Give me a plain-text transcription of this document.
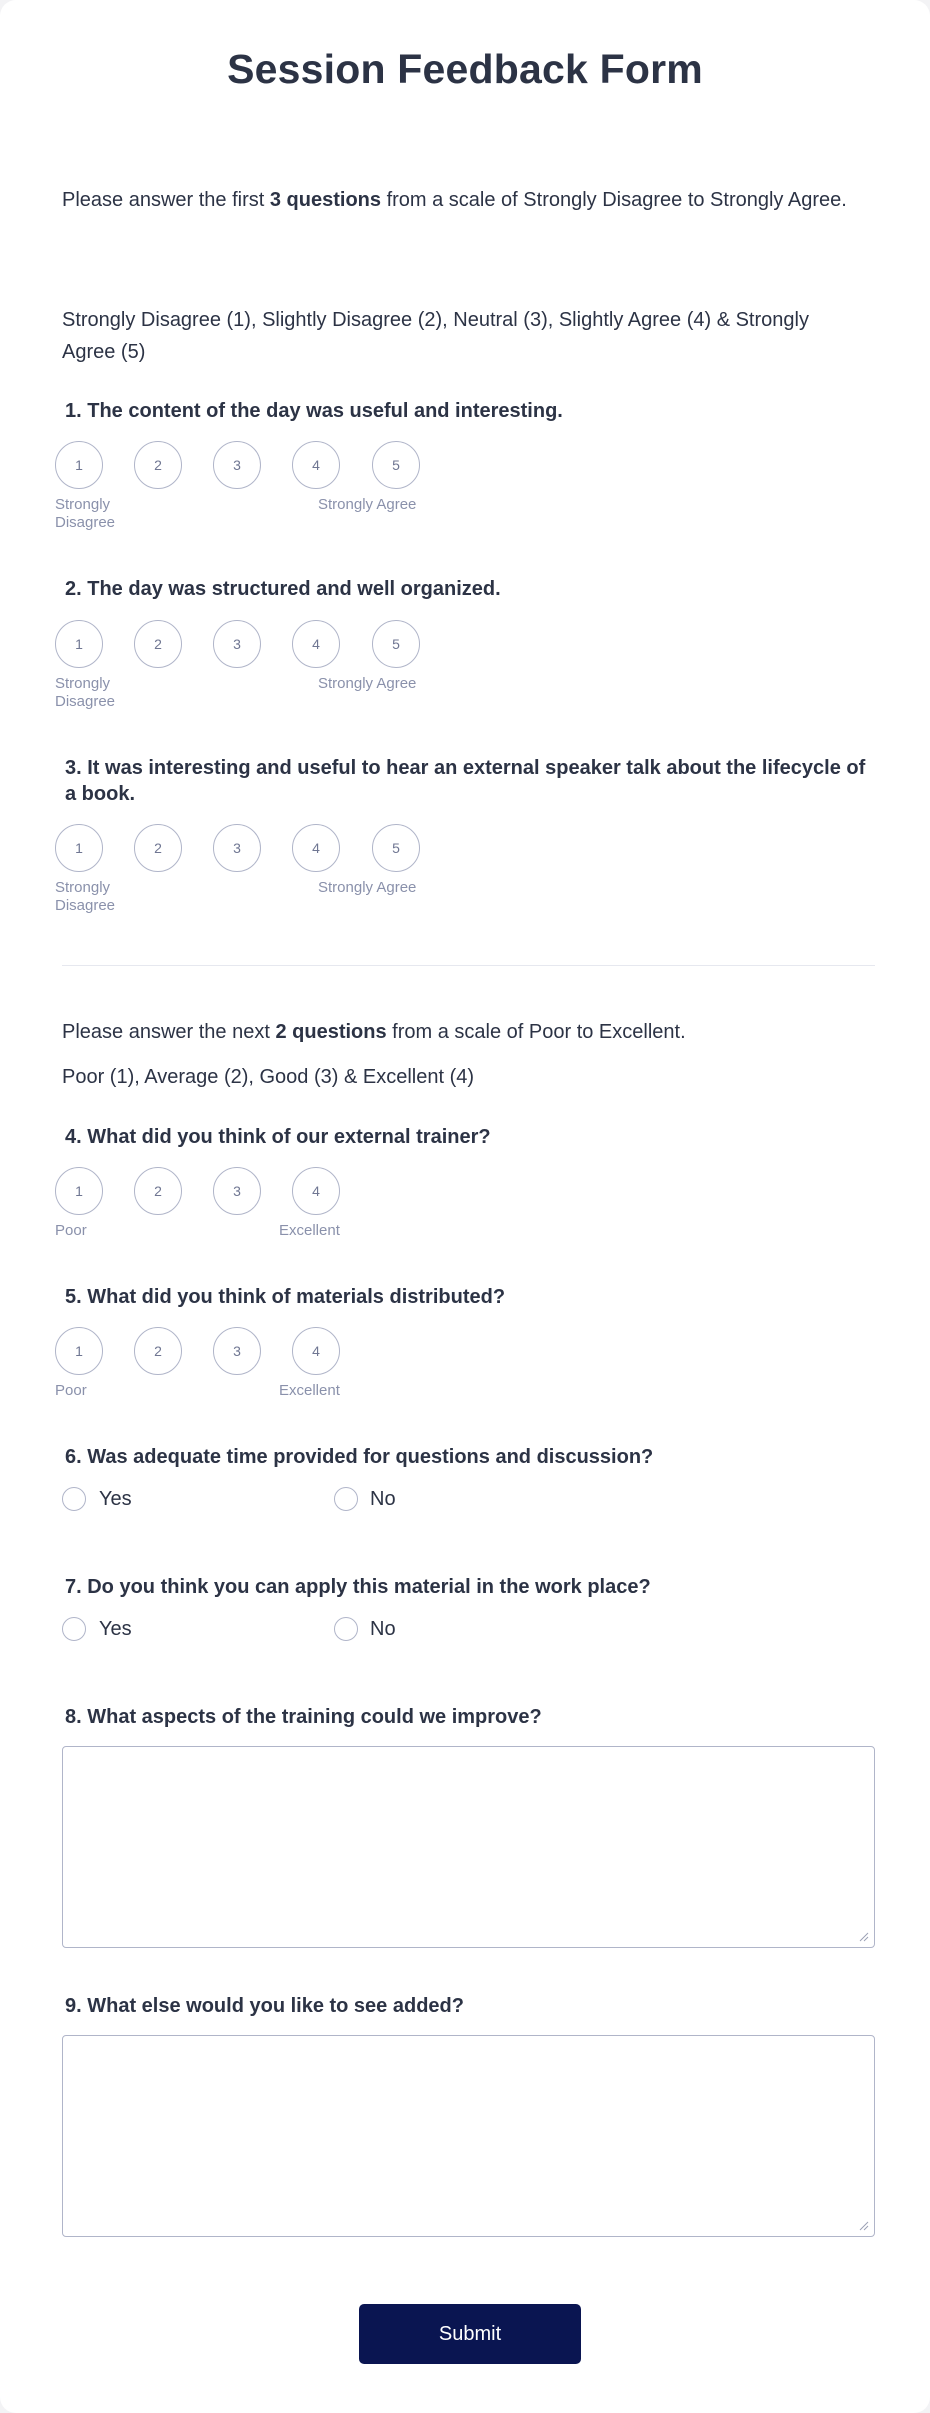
Session Feedback Form
Please answer the first 3 questions from a scale of Strongly Disagree to Strongly Agree.
Strongly Disagree (1), Slightly Disagree (2), Neutral (3), Slightly Agree (4) & Strongly Agree (5)
1. The content of the day was useful and interesting.
1	2	3	4	5
Strongly Disagree
Strongly Agree
2. The day was structured and well organized.
1	2	3	4	5
Strongly Disagree
Strongly Agree
3. It was interesting and useful to hear an external speaker talk about the lifecycle of a book.
1	2	3	4	5
Strongly Disagree
Strongly Agree
Please answer the next 2 questions from a scale of Poor to Excellent.
Poor (1), Average (2), Good (3) & Excellent (4)
4. What did you think of our external trainer?
1	2	3	4
Poor	Excellent
5. What did you think of materials distributed?
1	2	3	4
Poor	Excellent
6. Was adequate time provided for questions and discussion?
Yes	No
7. Do you think you can apply this material in the work place?
Yes	No
8. What aspects of the training could we improve?
9. What else would you like to see added?
Submit
